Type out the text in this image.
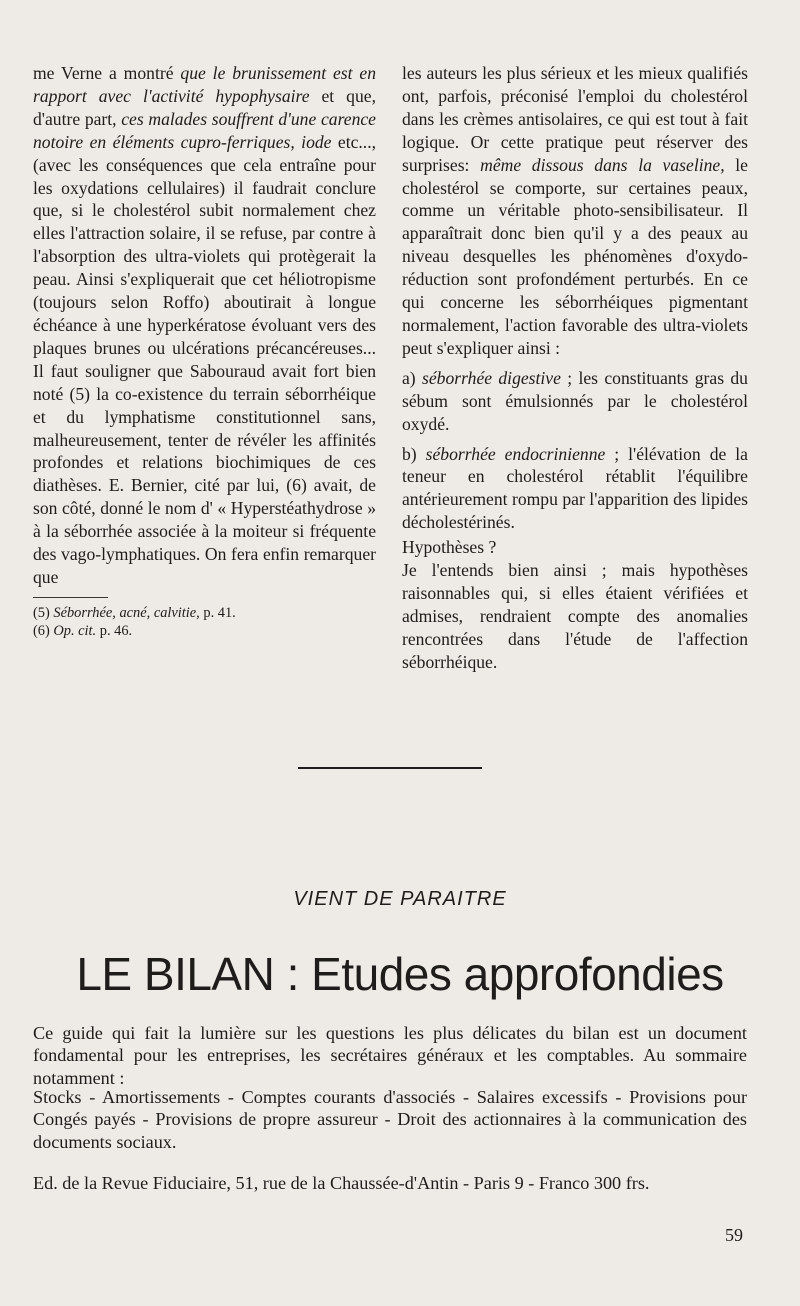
me Verne a montré que le brunissement est en rapport avec l'activité hypophysaire et que, d'autre part, ces malades souffrent d'une carence notoire en éléments cupro-ferriques, iode etc..., (avec les conséquences que cela entraîne pour les oxydations cellulaires) il faudrait conclure que, si le cholestérol subit normalement chez elles l'attraction solaire, il se refuse, par contre à l'absorption des ultra-violets qui protègerait la peau. Ainsi s'expliquerait que cet héliotropisme (toujours selon Roffo) aboutirait à longue échéance à une hyperkératose évoluant vers des plaques brunes ou ulcérations précancéreuses... Il faut souligner que Sabouraud avait fort bien noté (5) la co-existence du terrain séborrhéique et du lymphatisme constitutionnel sans, malheureusement, tenter de révéler les affinités profondes et relations biochimiques de ces diathèses. E. Bernier, cité par lui, (6) avait, de son côté, donné le nom d' « Hyperstéathydrose » à la séborrhée associée à la moiteur si fréquente des vago-lymphatiques. On fera enfin remarquer que

(5) Séborrhée, acné, calvitie, p. 41.

(6) Op. cit. p. 46.

les auteurs les plus sérieux et les mieux qualifiés ont, parfois, préconisé l'emploi du cholestérol dans les crèmes antisolaires, ce qui est tout à fait logique. Or cette pratique peut réserver des surprises: même dissous dans la vaseline, le cholestérol se comporte, sur certaines peaux, comme un véritable photo-sensibilisateur. Il apparaîtrait donc bien qu'il y a des peaux au niveau desquelles les phénomènes d'oxydo-réduction sont profondément perturbés. En ce qui concerne les séborrhéiques pigmentant normalement, l'action favorable des ultra-violets peut s'expliquer ainsi :

a) séborrhée digestive ; les constituants gras du sébum sont émulsionnés par le cholestérol oxydé.

b) séborrhée endocrinienne ; l'élévation de la teneur en cholestérol rétablit l'équilibre antérieurement rompu par l'apparition des lipides décholestérinés.

Hypothèses ?

Je l'entends bien ainsi ; mais hypothèses raisonnables qui, si elles étaient vérifiées et admises, rendraient compte des anomalies rencontrées dans l'étude de l'affection séborrhéique.

VIENT DE PARAITRE
LE BILAN : Etudes approfondies
Ce guide qui fait la lumière sur les questions les plus délicates du bilan est un document fondamental pour les entreprises, les secrétaires généraux et les comptables. Au sommaire notamment :
Stocks - Amortissements - Comptes courants d'associés - Salaires excessifs - Provisions pour Congés payés - Provisions de propre assureur - Droit des actionnaires à la communication des documents sociaux.
Ed. de la Revue Fiduciaire, 51, rue de la Chaussée-d'Antin - Paris 9 - Franco 300 frs.
59
